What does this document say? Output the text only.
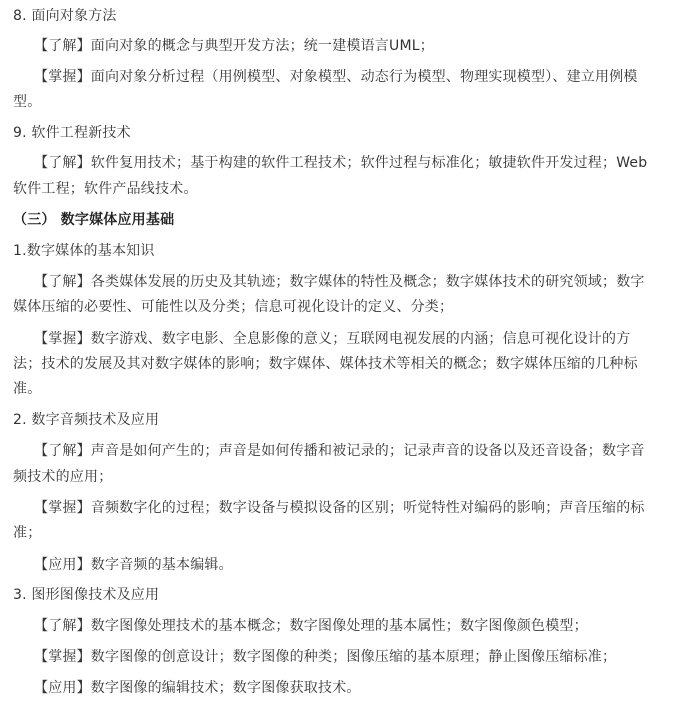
8. 面向对象方法
【了解】面向对象的概念与典型开发方法；统一建模语言UML；
【掌握】面向对象分析过程（用例模型、对象模型、动态行为模型、物理实现模型）、建立用例模
型。
9. 软件工程新技术
【了解】软件复用技术；基于构建的软件工程技术；软件过程与标准化；敏捷软件开发过程；Web
软件工程；软件产品线技术。
（三） 数字媒体应用基础
1.数字媒体的基本知识
【了解】各类媒体发展的历史及其轨迹；数字媒体的特性及概念；数字媒体技术的研究领域；数字
媒体压缩的必要性、可能性以及分类；信息可视化设计的定义、分类；
【掌握】数字游戏、数字电影、全息影像的意义；互联网电视发展的内涵；信息可视化设计的方
法；技术的发展及其对数字媒体的影响；数字媒体、媒体技术等相关的概念；数字媒体压缩的几种标
准。
2. 数字音频技术及应用
【了解】声音是如何产生的；声音是如何传播和被记录的；记录声音的设备以及还音设备；数字音
频技术的应用；
【掌握】音频数字化的过程；数字设备与模拟设备的区别；听觉特性对编码的影响；声音压缩的标
准；
【应用】数字音频的基本编辑。
3. 图形图像技术及应用
【了解】数字图像处理技术的基本概念；数字图像处理的基本属性；数字图像颜色模型；
【掌握】数字图像的创意设计；数字图像的种类；图像压缩的基本原理；静止图像压缩标准；
【应用】数字图像的编辑技术；数字图像获取技术。
